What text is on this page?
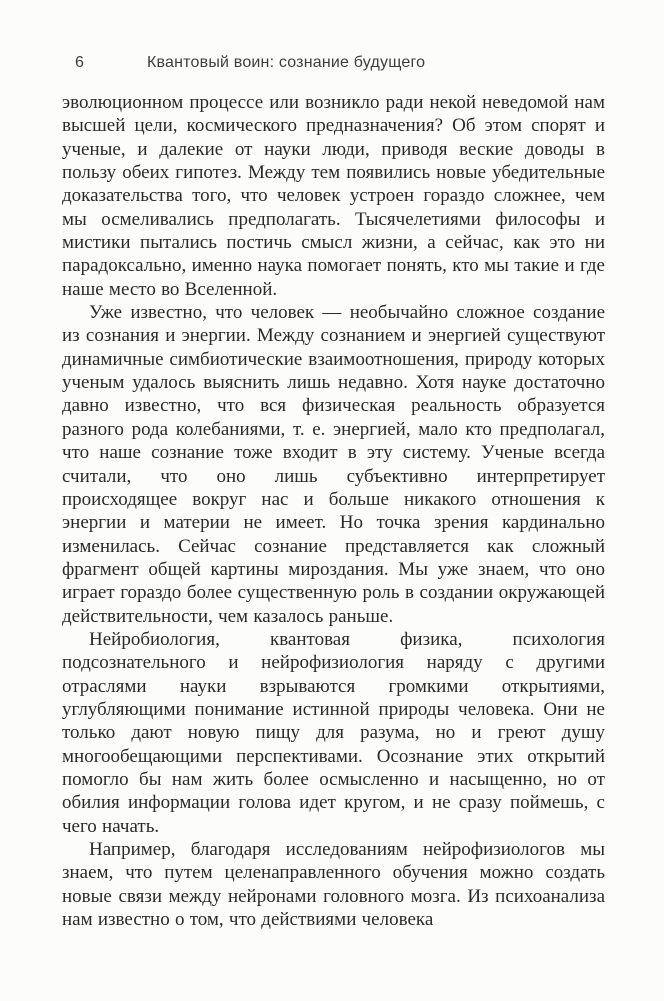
6	Квантовый воин: сознание будущего

эволюционном процессе или возникло ради некой неведомой нам высшей цели, космического предназначения? Об этом спорят и ученые, и далекие от науки люди, приводя веские доводы в пользу обеих гипотез. Между тем появились новые убедительные доказательства того, что человек устроен гораздо сложнее, чем мы осмеливались предполагать. Тысячелетиями философы и мистики пытались постичь смысл жизни, а сейчас, как это ни парадоксально, именно наука помогает понять, кто мы такие и где наше место во Вселенной.

Уже известно, что человек — необычайно сложное создание из сознания и энергии. Между сознанием и энергией существуют динамичные симбиотические взаимоотношения, природу которых ученым удалось выяснить лишь недавно. Хотя науке достаточно давно известно, что вся физическая реальность образуется разного рода колебаниями, т. е. энергией, мало кто предполагал, что наше сознание тоже входит в эту систему. Ученые всегда считали, что оно лишь субъективно интерпретирует происходящее вокруг нас и больше никакого отношения к энергии и материи не имеет. Но точка зрения кардинально изменилась. Сейчас сознание представляется как сложный фрагмент общей картины мироздания. Мы уже знаем, что оно играет гораздо более существенную роль в создании окружающей действительности, чем казалось раньше.

Нейробиология, квантовая физика, психология подсознательного и нейрофизиология наряду с другими отраслями науки взрываются громкими открытиями, углубляющими понимание истинной природы человека. Они не только дают новую пищу для разума, но и греют душу многообещающими перспективами. Осознание этих открытий помогло бы нам жить более осмысленно и насыщенно, но от обилия информации голова идет кругом, и не сразу поймешь, с чего начать.

Например, благодаря исследованиям нейрофизиологов мы знаем, что путем целенаправленного обучения можно создать новые связи между нейронами головного мозга. Из психоанализа нам известно о том, что действиями человека
